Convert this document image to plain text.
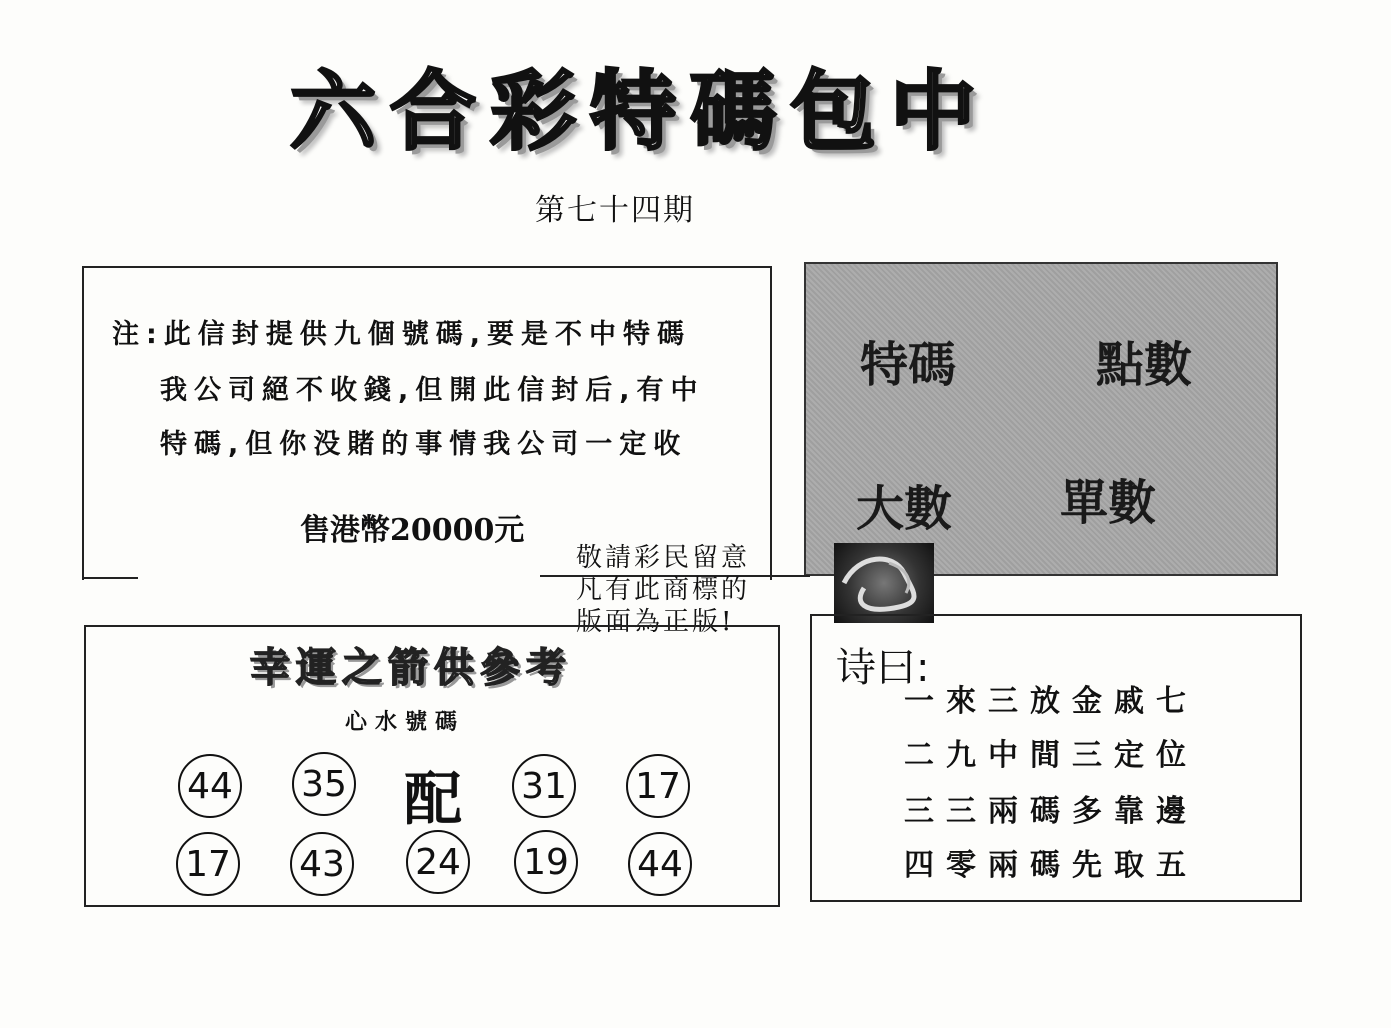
六合彩特碼包中
第七十四期
注:此信封提供九個號碼,要是不中特碼
我公司絕不收錢,但開此信封后,有中
特碼,但你没賭的事情我公司一定收
售港幣20000元
特碼	點數
大數 單數
敬請彩民留意
凡有此商標的
版面為正版!
幸運之箭供參考
心水號碼
44 35 配 31 17
17 43 24 19 44
诗曰:
一來三放金戚七
二九中間三定位
三三兩碼多靠邊
四零兩碼先取五
